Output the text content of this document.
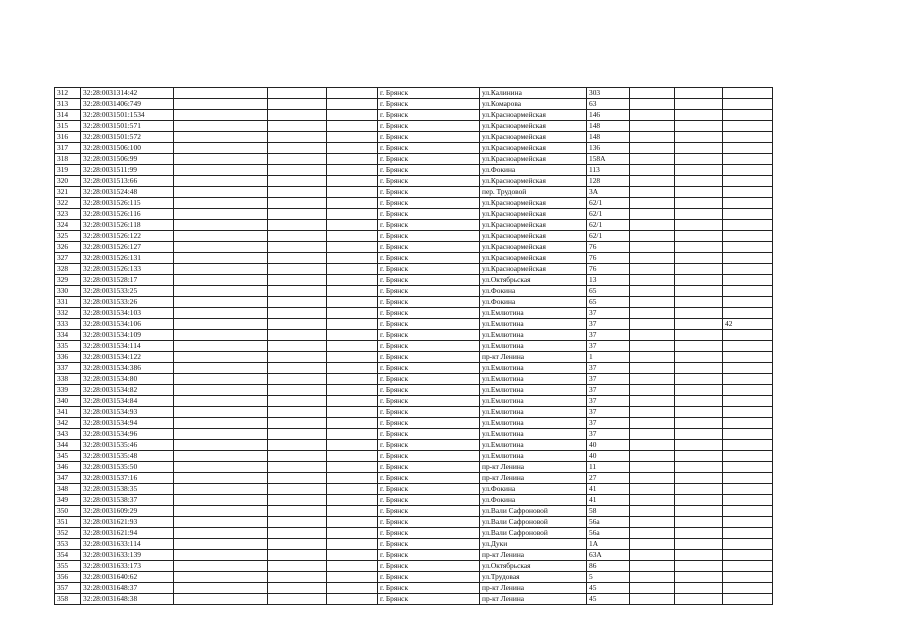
312	32:28:0031314:42				г. Брянск	ул.Калинина	303			
313	32:28:0031406:749				г. Брянск	ул.Комарова	63			
314	32:28:0031501:1534				г. Брянск	ул.Красноармейская	146			
315	32:28:0031501:571				г. Брянск	ул.Красноармейская	148			
316	32:28:0031501:572				г. Брянск	ул.Красноармейская	148			
317	32:28:0031506:100				г. Брянск	ул.Красноармейская	136			
318	32:28:0031506:99				г. Брянск	ул.Красноармейская	158А			
319	32:28:0031511:99				г. Брянск	ул.Фокина	113			
320	32:28:0031513:66				г. Брянск	ул.Красноармейская	128			
321	32:28:0031524:48				г. Брянск	пер. Трудовой	3А			
322	32:28:0031526:115				г. Брянск	ул.Красноармейская	62/1			
323	32:28:0031526:116				г. Брянск	ул.Красноармейская	62/1			
324	32:28:0031526:118				г. Брянск	ул.Красноармейская	62/1			
325	32:28:0031526:122				г. Брянск	ул.Красноармейская	62/1			
326	32:28:0031526:127				г. Брянск	ул.Красноармейская	76			
327	32:28:0031526:131				г. Брянск	ул.Красноармейская	76			
328	32:28:0031526:133				г. Брянск	ул.Красноармейская	76			
329	32:28:0031528:17				г. Брянск	ул.Октябрьская	13			
330	32:28:0031533:25				г. Брянск	ул.Фокина	65			
331	32:28:0031533:26				г. Брянск	ул.Фокина	65			
332	32:28:0031534:103				г. Брянск	ул.Емлютина	37			
333	32:28:0031534:106				г. Брянск	ул.Емлютина	37			42
334	32:28:0031534:109				г. Брянск	ул.Емлютина	37			
335	32:28:0031534:114				г. Брянск	ул.Емлютина	37			
336	32:28:0031534:122				г. Брянск	пр-кт Ленина	1			
337	32:28:0031534:386				г. Брянск	ул.Емлютина	37			
338	32:28:0031534:80				г. Брянск	ул.Емлютина	37			
339	32:28:0031534:82				г. Брянск	ул.Емлютина	37			
340	32:28:0031534:84				г. Брянск	ул.Емлютина	37			
341	32:28:0031534:93				г. Брянск	ул.Емлютина	37			
342	32:28:0031534:94				г. Брянск	ул.Емлютина	37			
343	32:28:0031534:96				г. Брянск	ул.Емлютина	37			
344	32:28:0031535:46				г. Брянск	ул.Емлютина	40			
345	32:28:0031535:48				г. Брянск	ул.Емлютина	40			
346	32:28:0031535:50				г. Брянск	пр-кт Ленина	11			
347	32:28:0031537:16				г. Брянск	пр-кт Ленина	27			
348	32:28:0031538:35				г. Брянск	ул.Фокина	41			
349	32:28:0031538:37				г. Брянск	ул.Фокина	41			
350	32:28:0031609:29				г. Брянск	ул.Вали Сафроновой	58			
351	32:28:0031621:93				г. Брянск	ул.Вали Сафроновой	56а			
352	32:28:0031621:94				г. Брянск	ул.Вали Сафроновой	56а			
353	32:28:0031633:114				г. Брянск	ул.Дуки	1А			
354	32:28:0031633:139				г. Брянск	пр-кт Ленина	63А			
355	32:28:0031633:173				г. Брянск	ул.Октябрьская	86			
356	32:28:0031640:62				г. Брянск	ул.Трудовая	5			
357	32:28:0031648:37				г. Брянск	пр-кт Ленина	45			
358	32:28:0031648:38				г. Брянск	пр-кт Ленина	45			
